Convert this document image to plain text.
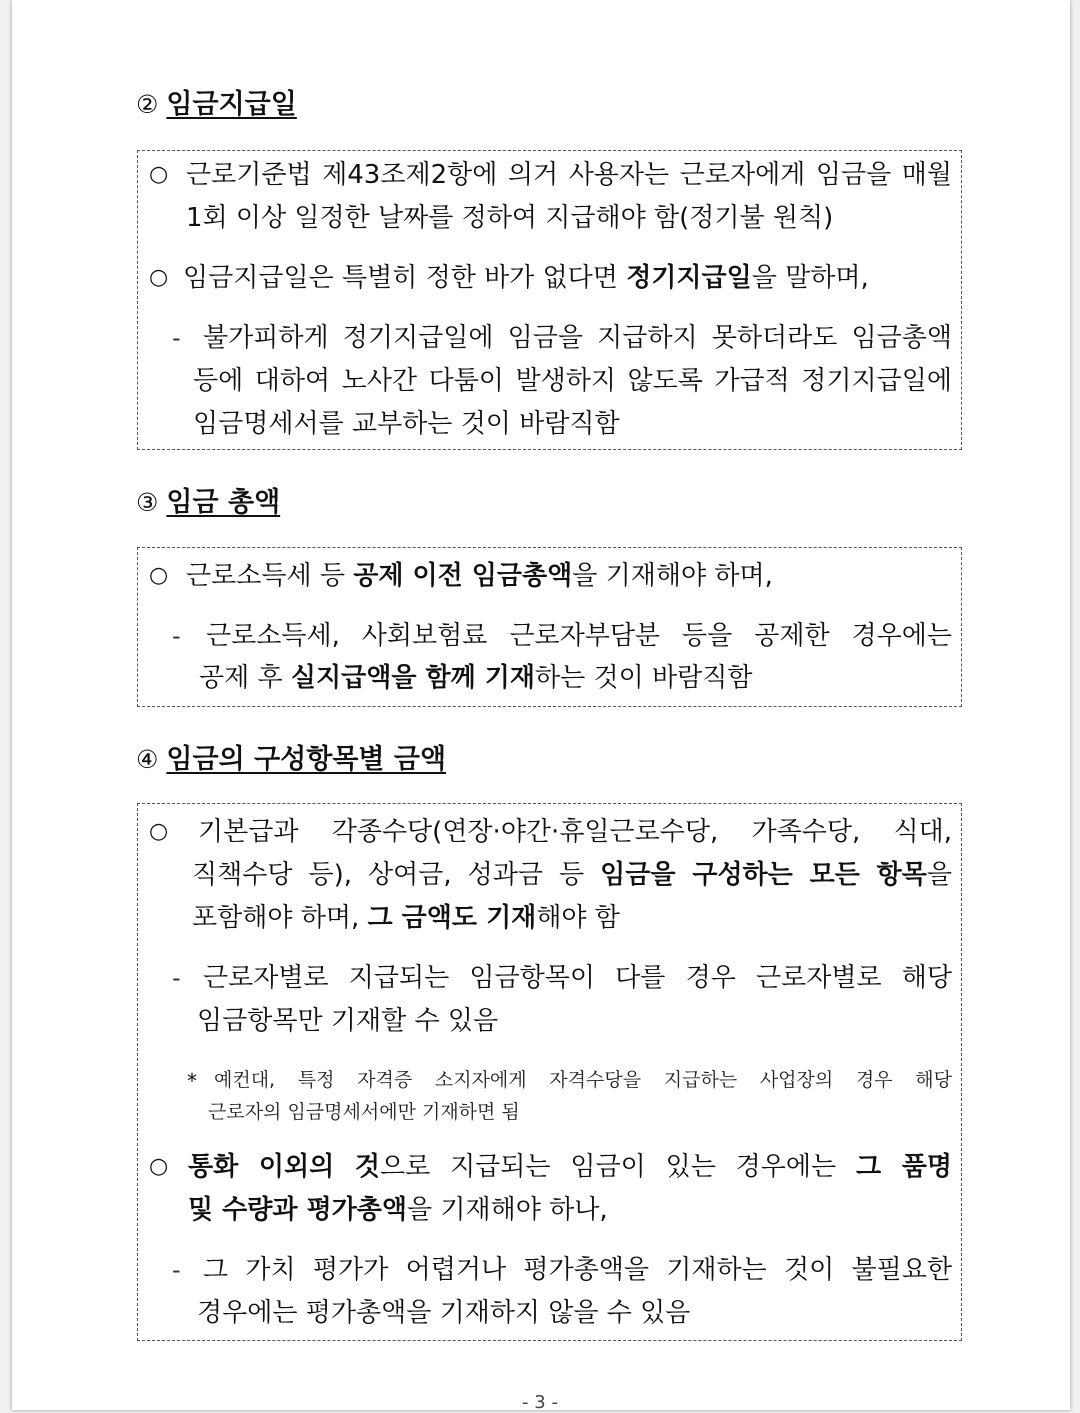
② 임금지급일
○ 근로기준법 제43조제2항에 의거 사용자는 근로자에게 임금을 매월
1회 이상 일정한 날짜를 정하여 지급해야 함(정기불 원칙)
○ 임금지급일은 특별히 정한 바가 없다면 정기지급일을 말하며,
- 불가피하게 정기지급일에 임금을 지급하지 못하더라도 임금총액
등에 대하여 노사간 다툼이 발생하지 않도록 가급적 정기지급일에
임금명세서를 교부하는 것이 바람직함
③ 임금 총액
○ 근로소득세 등 공제 이전 임금총액을 기재해야 하며,
- 근로소득세, 사회보험료 근로자부담분 등을 공제한 경우에는
공제 후 실지급액을 함께 기재하는 것이 바람직함
④ 임금의 구성항목별 금액
○ 기본급과 각종수당(연장·야간·휴일근로수당, 가족수당, 식대,
직책수당 등), 상여금, 성과금 등 임금을 구성하는 모든 항목을
포함해야 하며, 그 금액도 기재해야 함
- 근로자별로 지급되는 임금항목이 다를 경우 근로자별로 해당
임금항목만 기재할 수 있음
* 예컨대, 특정 자격증 소지자에게 자격수당을 지급하는 사업장의 경우 해당
근로자의 임금명세서에만 기재하면 됨
○ 통화 이외의 것으로 지급되는 임금이 있는 경우에는 그 품명
및 수량과 평가총액을 기재해야 하나,
- 그 가치 평가가 어렵거나 평가총액을 기재하는 것이 불필요한
경우에는 평가총액을 기재하지 않을 수 있음
- 3 -
